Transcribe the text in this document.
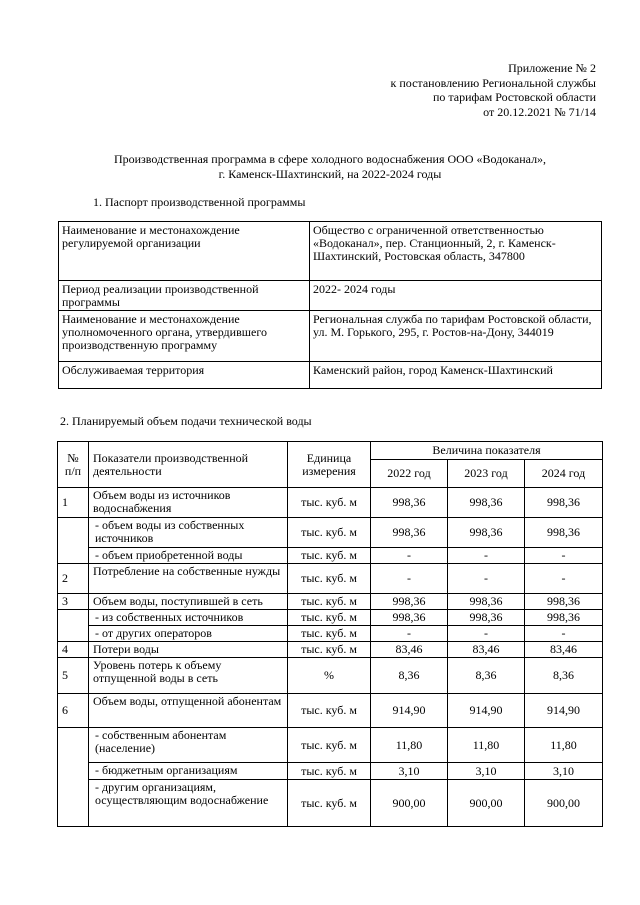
Приложение № 2
к постановлению Региональной службы
по тарифам Ростовской области
от 20.12.2021 № 71/14
Производственная программа в сфере холодного водоснабжения ООО «Водоканал»,
г. Каменск-Шахтинский, на 2022-2024 годы
1. Паспорт производственной программы
Наименование и местонахождение регулируемой организации	Общество с ограниченной ответственностью «Водоканал», пер. Станционный, 2, г. Каменск-Шахтинский, Ростовская область, 347800
Период реализации производственной программы	2022- 2024 годы
Наименование и местонахождение уполномоченного органа, утвердившего производственную программу	Региональная служба по тарифам Ростовской области, ул. М. Горького, 295, г. Ростов-на-Дону, 344019
Обслуживаемая территория	Каменский район, город Каменск-Шахтинский
2. Планируемый объем подачи технической воды
№ п/п	Показатели производственной деятельности	Единица измерения	Величина показателя		
			2022 год	2023 год	2024 год
1	Объем воды из источников водоснабжения	тыс. куб. м	998,36	998,36	998,36
	- объем воды из собственных источников	тыс. куб. м	998,36	998,36	998,36
	- объем приобретенной воды	тыс. куб. м	-	-	-
2	Потребление на собственные нужды	тыс. куб. м	-	-	-
3	Объем воды, поступившей в сеть	тыс. куб. м	998,36	998,36	998,36
	- из собственных источников	тыс. куб. м	998,36	998,36	998,36
	- от других операторов	тыс. куб. м	-	-	-
4	Потери воды	тыс. куб. м	83,46	83,46	83,46
5	Уровень потерь к объему отпущенной воды в сеть	%	8,36	8,36	8,36
6	Объем воды, отпущенной абонентам	тыс. куб. м	914,90	914,90	914,90
	- собственным абонентам (население)	тыс. куб. м	11,80	11,80	11,80
	- бюджетным организациям	тыс. куб. м	3,10	3,10	3,10
	- другим организациям, осуществляющим водоснабжение	тыс. куб. м	900,00	900,00	900,00
